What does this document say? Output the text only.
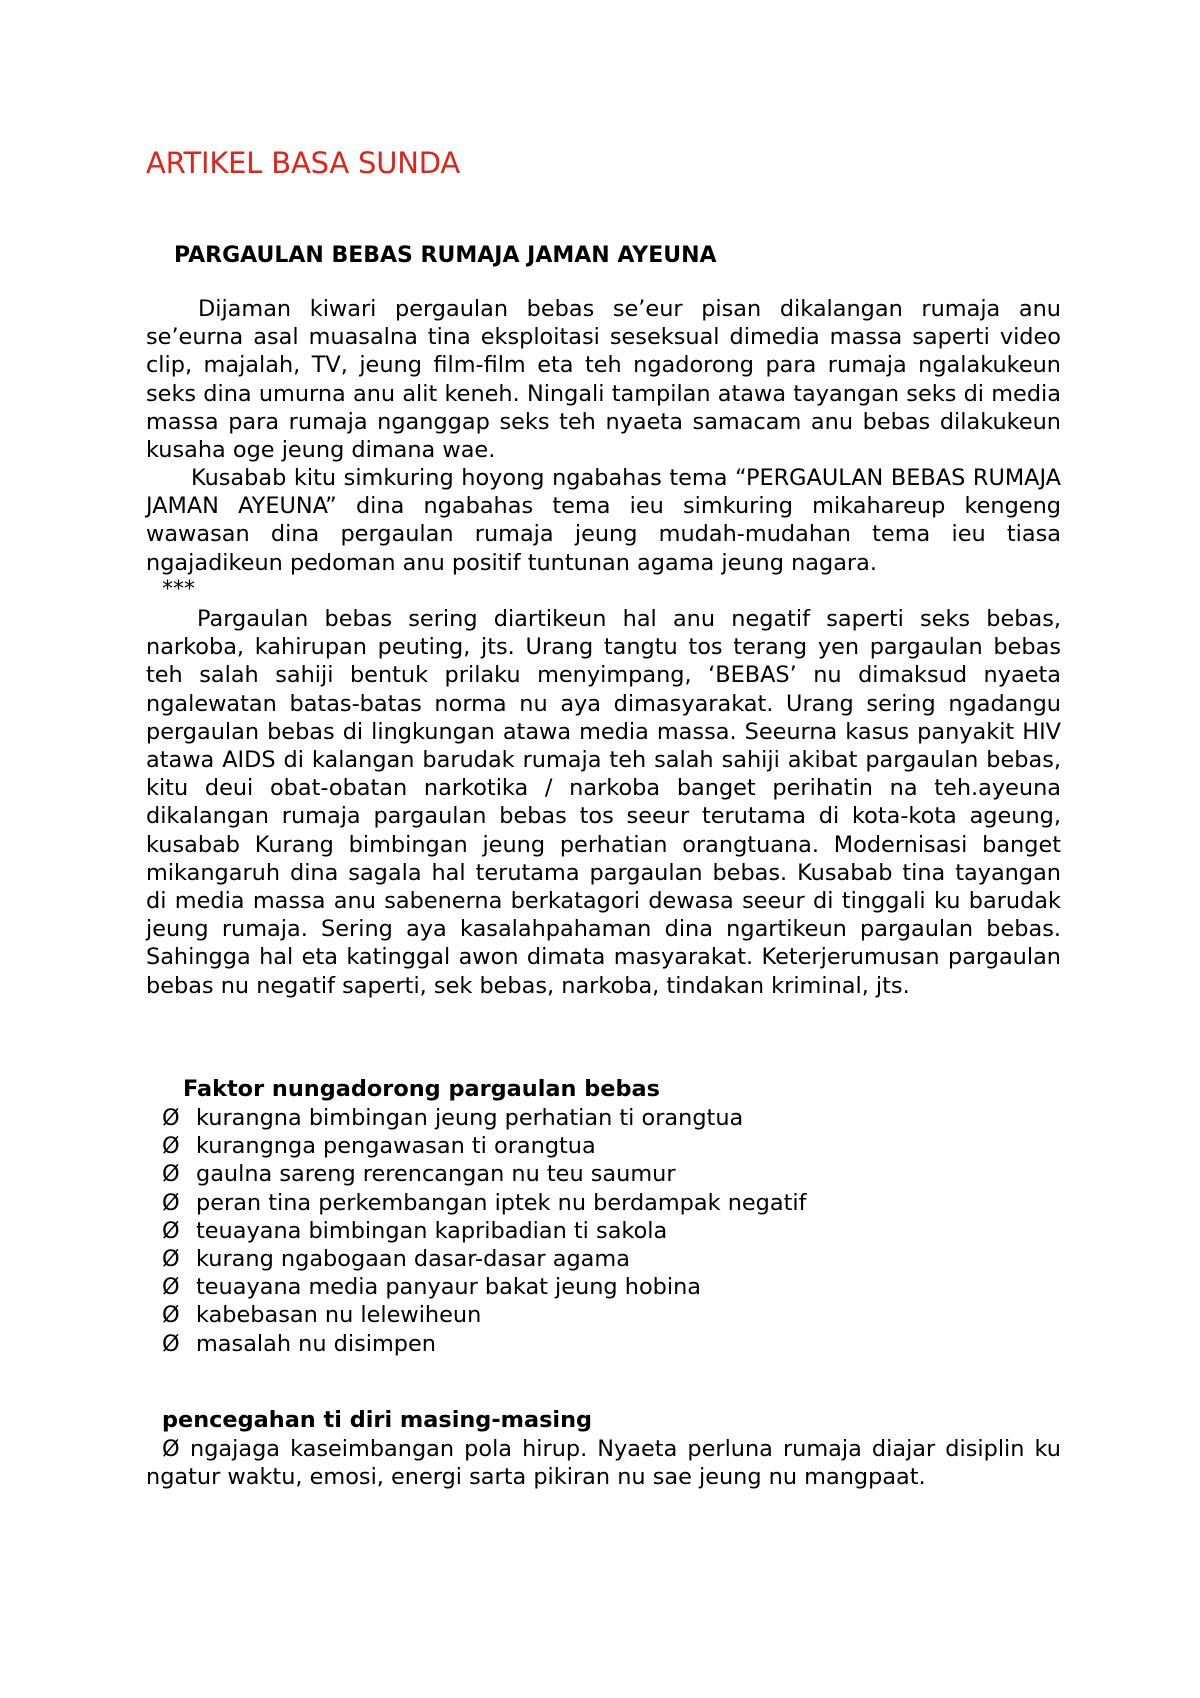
ARTIKEL BASA SUNDA
PARGAULAN BEBAS RUMAJA JAMAN AYEUNA

Dijaman kiwari pergaulan bebas se’eur pisan dikalangan rumaja anu se’eurna asal muasalna tina eksploitasi seseksual dimedia massa saperti video clip, majalah, TV, jeung film-film eta teh ngadorong para rumaja ngalakukeun seks dina umurna anu alit keneh. Ningali tampilan atawa tayangan seks di media massa para rumaja nganggap seks teh nyaeta samacam anu bebas dilakukeun kusaha oge jeung dimana wae.

Kusabab kitu simkuring hoyong ngabahas tema “PERGAULAN BEBAS RUMAJA JAMAN AYEUNA” dina ngabahas tema ieu simkuring mikahareup kengeng wawasan dina pergaulan rumaja jeung mudah-mudahan tema ieu tiasa ngajadikeun pedoman anu positif tuntunan agama jeung nagara.

***

Pargaulan bebas sering diartikeun hal anu negatif saperti seks bebas, narkoba, kahirupan peuting, jts. Urang tangtu tos terang yen pargaulan bebas teh salah sahiji bentuk prilaku menyimpang, ‘BEBAS’ nu dimaksud nyaeta ngalewatan batas-batas norma nu aya dimasyarakat. Urang sering ngadangu pergaulan bebas di lingkungan atawa media massa. Seeurna kasus panyakit HIV atawa AIDS di kalangan barudak rumaja teh salah sahiji akibat pargaulan bebas, kitu deui obat-obatan narkotika / narkoba banget perihatin na teh.ayeuna dikalangan rumaja pargaulan bebas tos seeur terutama di kota-kota ageung, kusabab Kurang bimbingan jeung perhatian orangtuana. Modernisasi banget mikangaruh dina sagala hal terutama pargaulan bebas. Kusabab tina tayangan di media massa anu sabenerna berkatagori dewasa seeur di tinggali ku barudak jeung rumaja. Sering aya kasalahpahaman dina ngartikeun pargaulan bebas. Sahingga hal eta katinggal awon dimata masyarakat. Keterjerumusan pargaulan bebas nu negatif saperti, sek bebas, narkoba, tindakan kriminal, jts.

Faktor nungadorong pargaulan bebas
Ø kurangna bimbingan jeung perhatian ti orangtua
Ø kurangnga pengawasan ti orangtua
Ø gaulna sareng rerencangan nu teu saumur
Ø peran tina perkembangan iptek nu berdampak negatif
Ø teuayana bimbingan kapribadian ti sakola
Ø kurang ngabogaan dasar-dasar agama
Ø teuayana media panyaur bakat jeung hobina
Ø kabebasan nu lelewiheun
Ø masalah nu disimpen
pencegahan ti diri masing-masing

Ø ngajaga kaseimbangan pola hirup. Nyaeta perluna rumaja diajar disiplin ku ngatur waktu, emosi, energi sarta pikiran nu sae jeung nu mangpaat.
